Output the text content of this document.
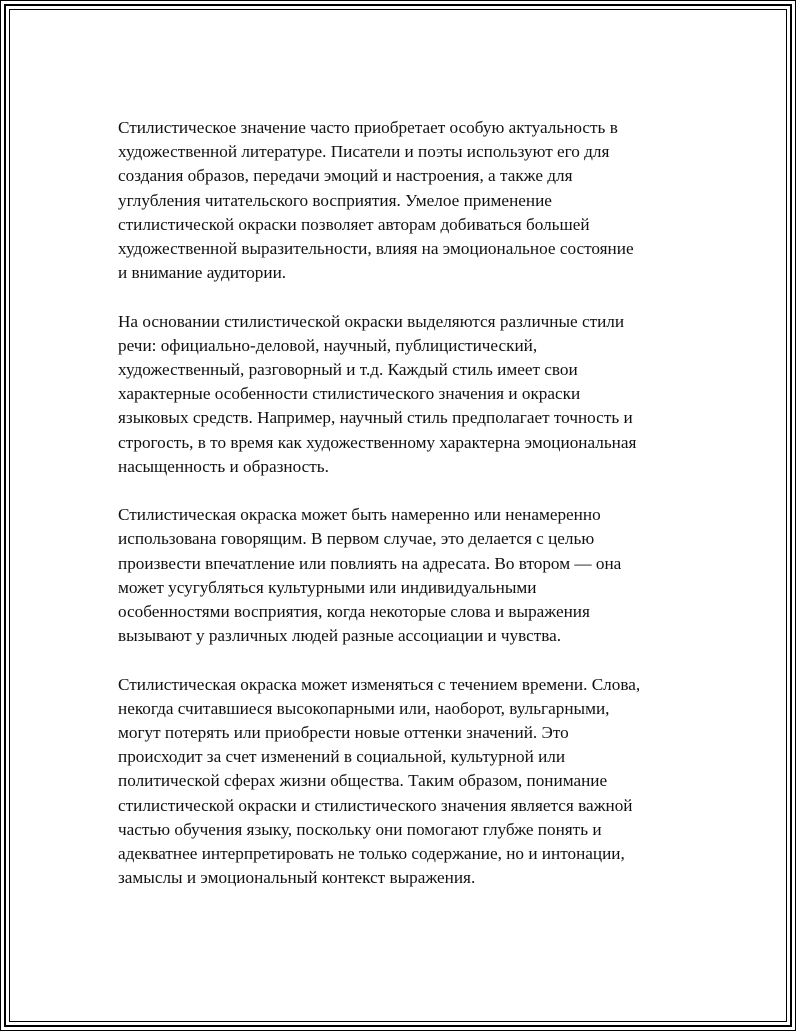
Стилистическое значение часто приобретает особую актуальность в
художественной литературе. Писатели и поэты используют его для
создания образов, передачи эмоций и настроения, а также для
углубления читательского восприятия. Умелое применение
стилистической окраски позволяет авторам добиваться большей
художественной выразительности, влияя на эмоциональное состояние
и внимание аудитории.

На основании стилистической окраски выделяются различные стили
речи: официально-деловой, научный, публицистический,
художественный, разговорный и т.д. Каждый стиль имеет свои
характерные особенности стилистического значения и окраски
языковых средств. Например, научный стиль предполагает точность и
строгость, в то время как художественному характерна эмоциональная
насыщенность и образность.

Стилистическая окраска может быть намеренно или ненамеренно
использована говорящим. В первом случае, это делается с целью
произвести впечатление или повлиять на адресата. Во втором — она
может усугубляться культурными или индивидуальными
особенностями восприятия, когда некоторые слова и выражения
вызывают у различных людей разные ассоциации и чувства.

Стилистическая окраска может изменяться с течением времени. Слова,
некогда считавшиеся высокопарными или, наоборот, вульгарными,
могут потерять или приобрести новые оттенки значений. Это
происходит за счет изменений в социальной, культурной или
политической сферах жизни общества. Таким образом, понимание
стилистической окраски и стилистического значения является важной
частью обучения языку, поскольку они помогают глубже понять и
адекватнее интерпретировать не только содержание, но и интонации,
замыслы и эмоциональный контекст выражения.
